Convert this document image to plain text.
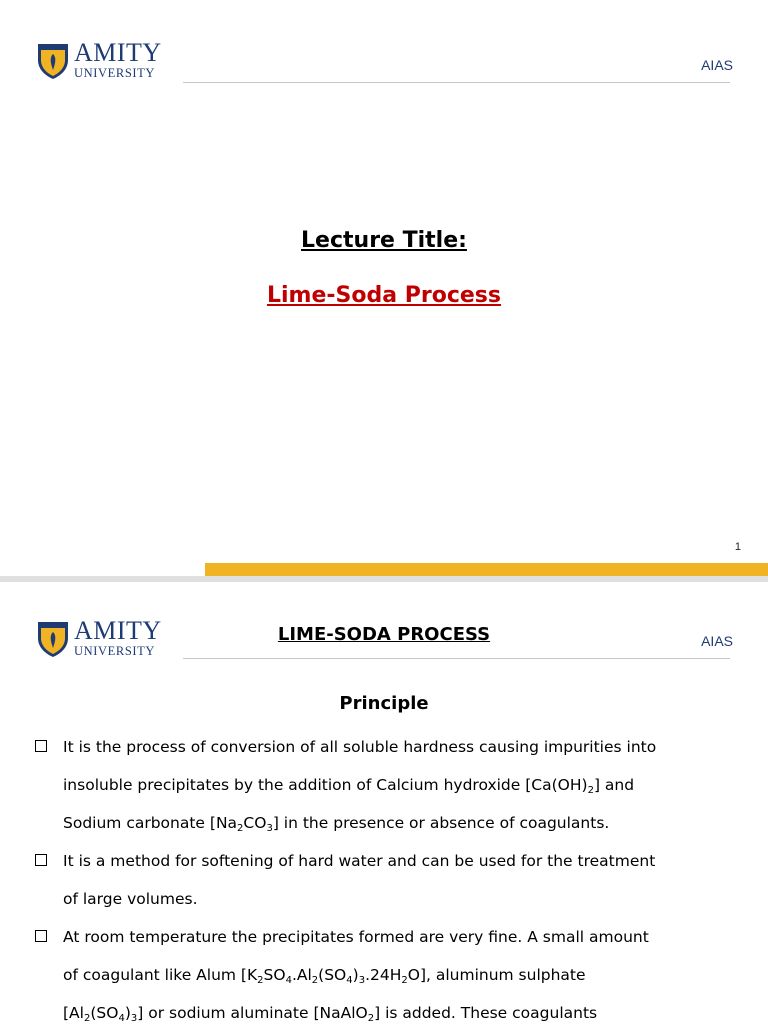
AMITY
UNIVERSITY	AIAS
Lecture Title:
Lime-Soda Process
1
AMITY
UNIVERSITY
AIAS
LIME-SODA PROCESS
Principle
It is the process of conversion of all soluble hardness causing impurities into
insoluble precipitates by the addition of Calcium hydroxide $[Ca(OH)_2]$ and
Sodium carbonate $[Na_2CO_3]$ in the presence or absence of coagulants.
It is a method for softening of hard water and can be used for the treatment
of large volumes.
At room temperature the precipitates formed are very fine. A small amount
of coagulant like Alum $[K_2SO_4.Al_2(SO_4)_3.24H_2O]$, aluminum sulphate
$[Al_2(SO_4)_3]$ or sodium aluminate [NaAlO$_2$] is added. These coagulants
